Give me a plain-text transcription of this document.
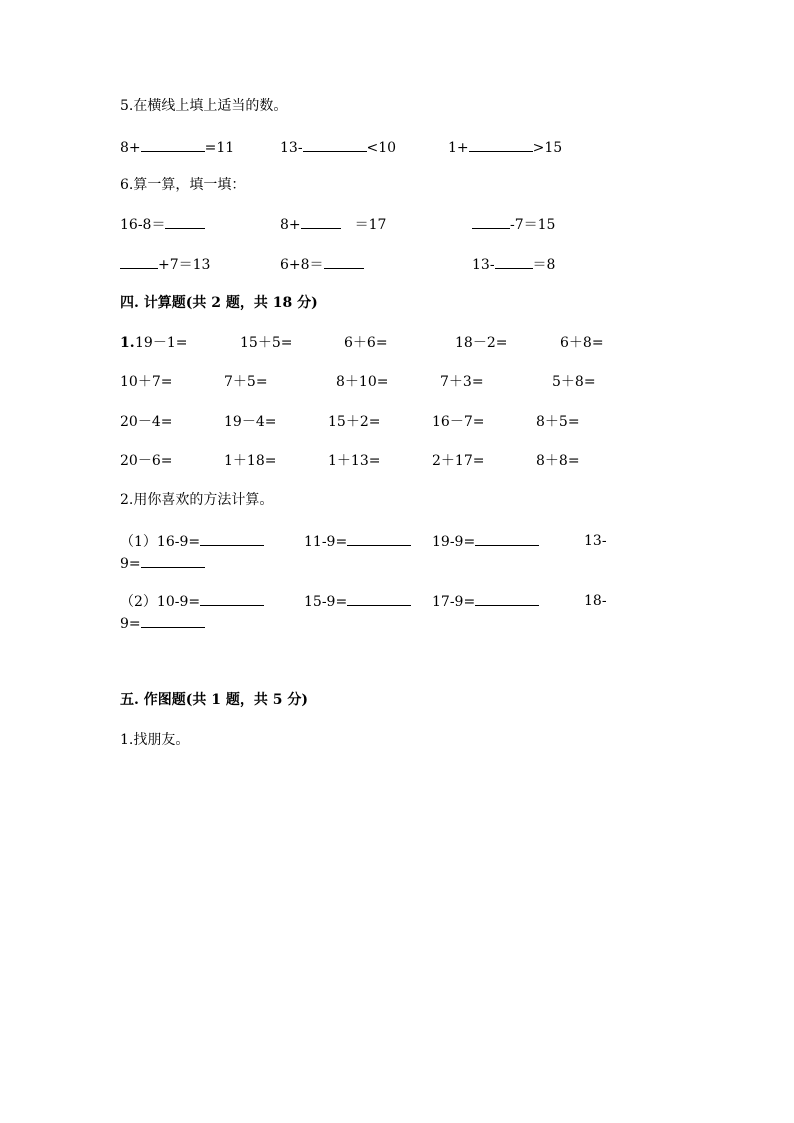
5.在横线上填上适当的数。
8+	=11	13-	<10	1+	>15
6.算一算，填一填：
16-8＝	8+	＝17	-7＝15
+7＝13	6+8＝	13-	＝8
四. 计算题(共 2 题，共 18 分)
1. 19－1=	15＋5=	6＋6=	18－2=	6＋8=
10＋7=	7＋5=	8＋10=	7＋3=	5＋8=
20－4=	19－4=	15＋2=	16－7=	8＋5=
20－6=	1＋18=	1＋13=	2＋17=	8＋8=
2.用你喜欢的方法计算。
（1）16-9=	11-9=	19-9=	13-
9=
（2）10-9=	15-9=	17-9=	18-
9=
五. 作图题(共 1 题，共 5 分)
1.找朋友。
